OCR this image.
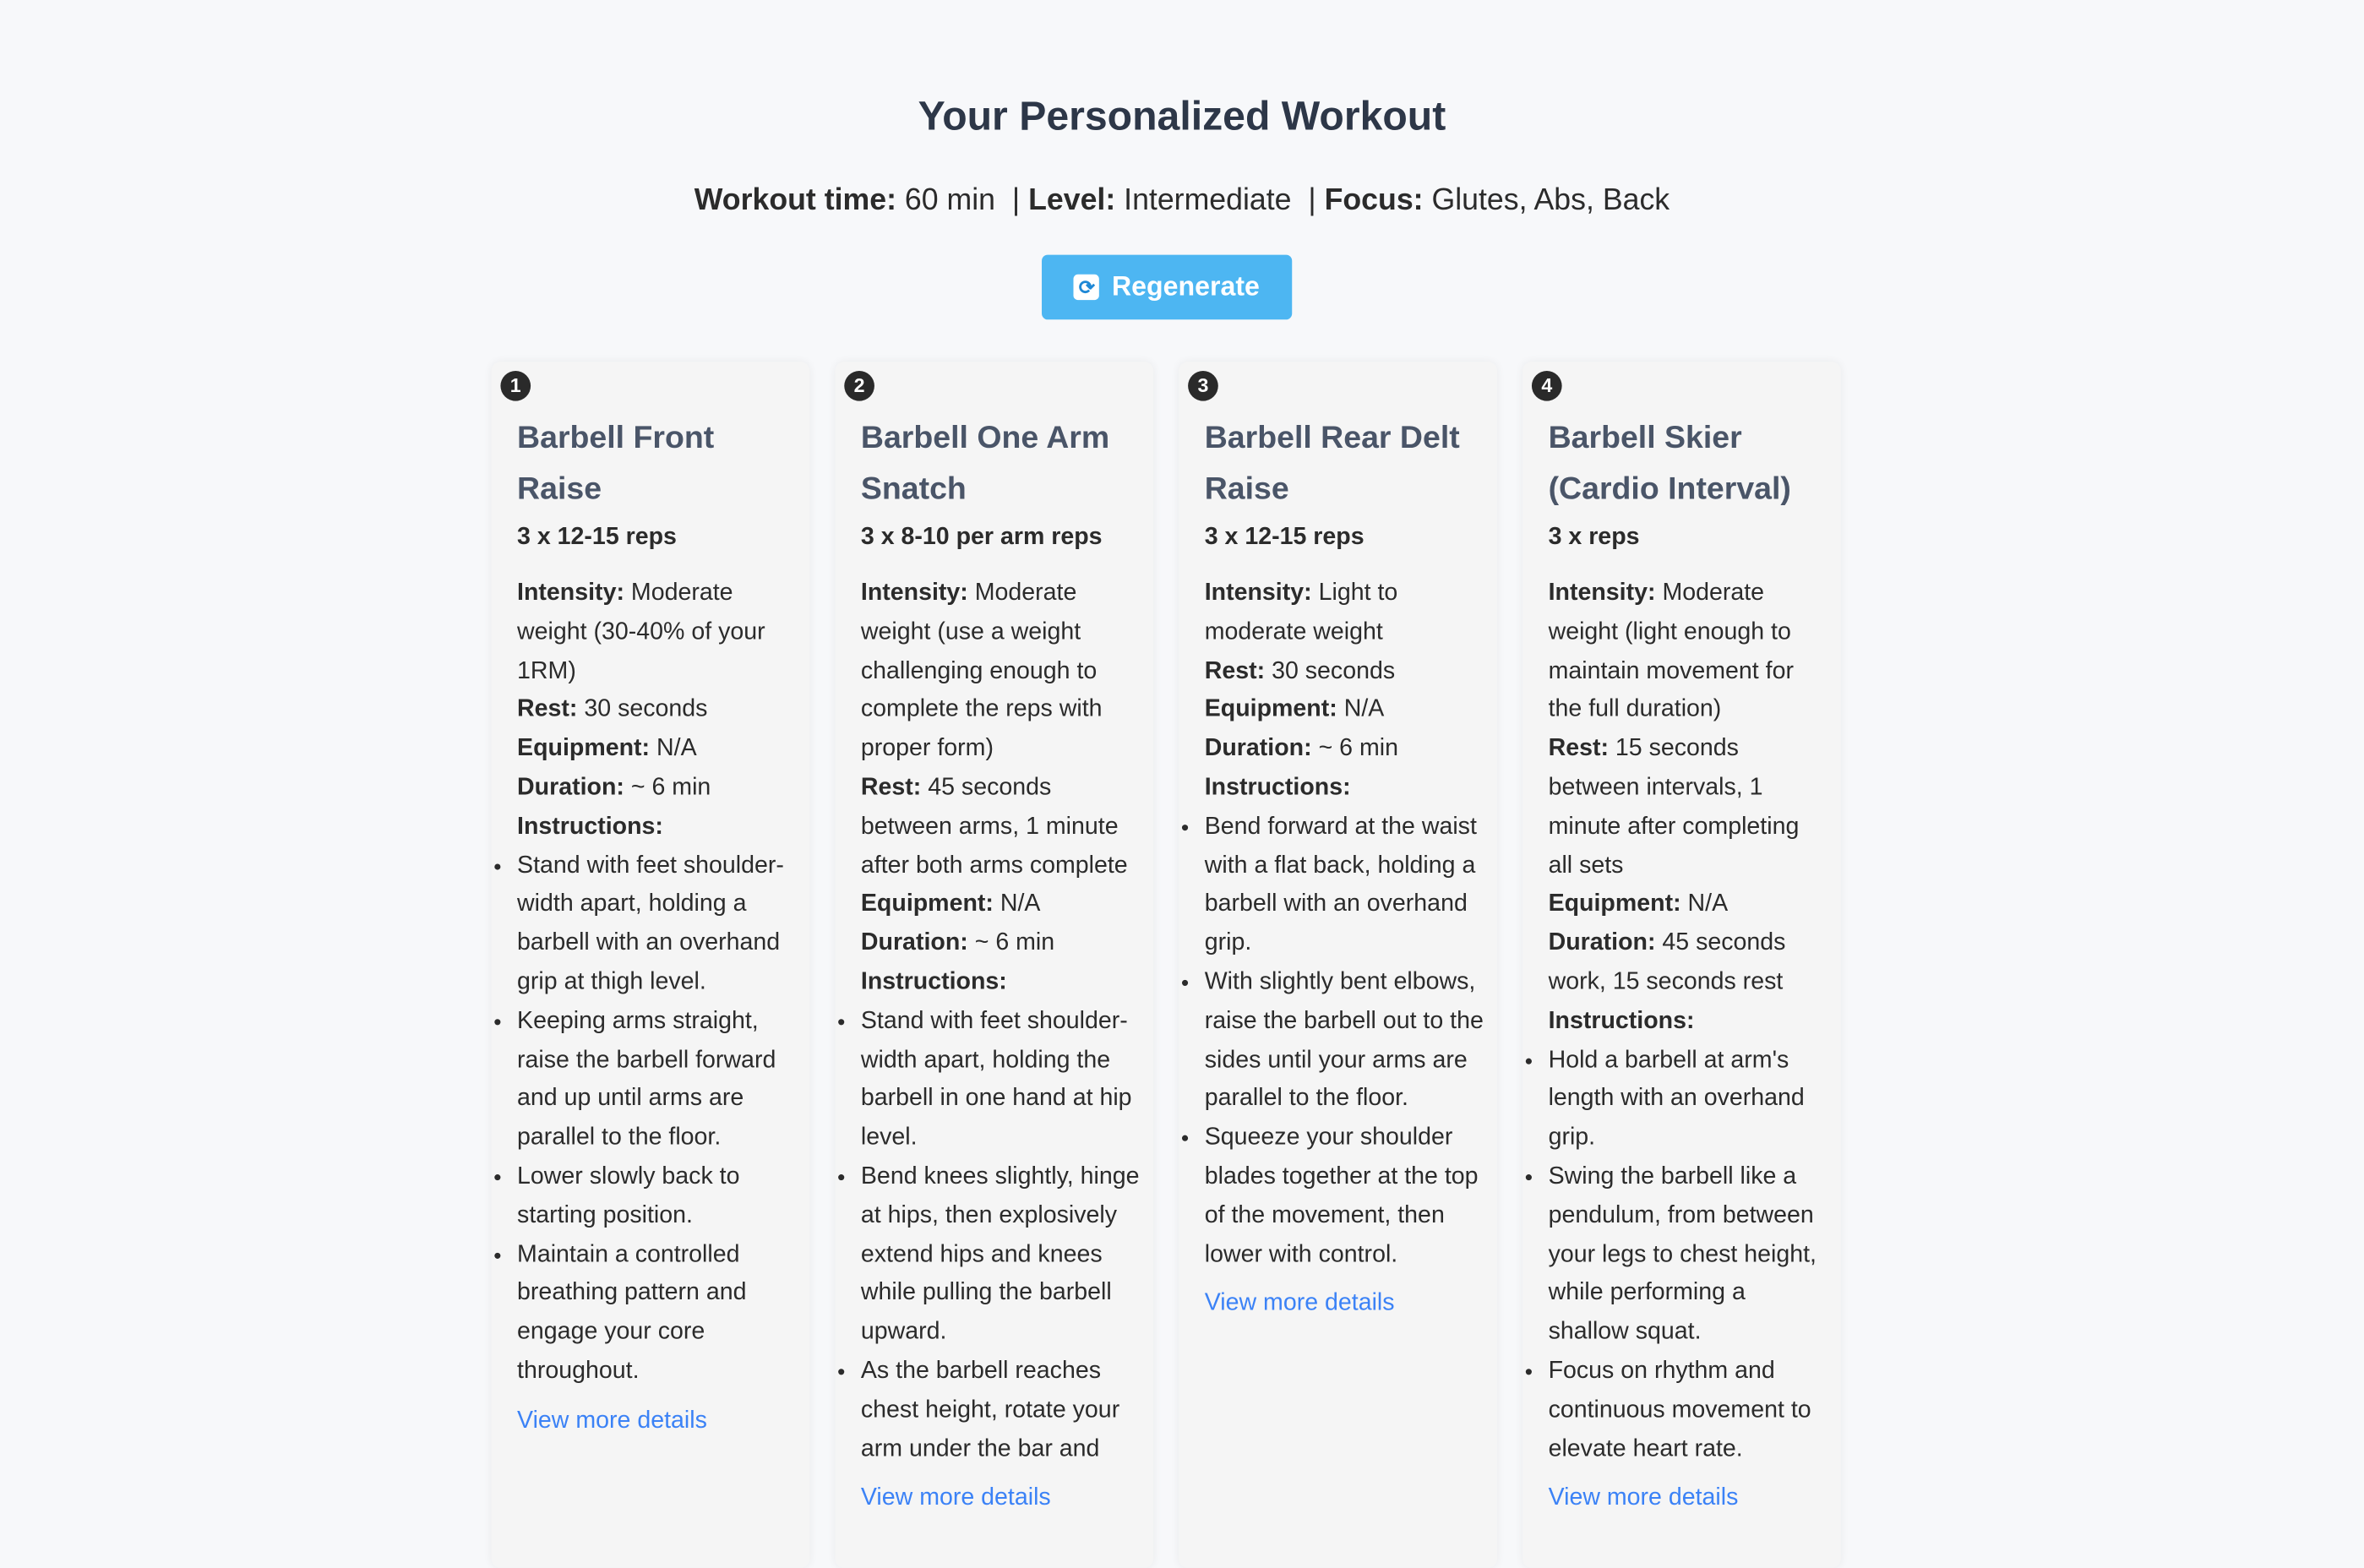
Your Personalized Workout
Workout time: 60 min  | Level: Intermediate  | Focus: Glutes, Abs, Back
⟳	Regenerate
1
Barbell Front Raise
3 x 12-15 reps
Intensity: Moderate weight (30-40% of your 1RM)
Rest: 30 seconds
Equipment: N/A
Duration: ~ 6 min
Instructions:
• Stand with feet shoulder-width apart, holding a barbell with an overhand grip at thigh level.
• Keeping arms straight, raise the barbell forward and up until arms are parallel to the floor.
• Lower slowly back to starting position.
• Maintain a controlled breathing pattern and engage your core throughout.
View more details
2
Barbell One Arm Snatch
3 x 8-10 per arm reps
Intensity: Moderate weight (use a weight challenging enough to complete the reps with proper form)
Rest: 45 seconds between arms, 1 minute after both arms complete
Equipment: N/A
Duration: ~ 6 min
Instructions:
• Stand with feet shoulder-width apart, holding the barbell in one hand at hip level.
• Bend knees slightly, hinge at hips, then explosively extend hips and knees while pulling the barbell upward.
• As the barbell reaches chest height, rotate your arm under the bar and
View more details
3
Barbell Rear Delt Raise
3 x 12-15 reps
Intensity: Light to moderate weight
Rest: 30 seconds
Equipment: N/A
Duration: ~ 6 min
Instructions:
• Bend forward at the waist with a flat back, holding a barbell with an overhand grip.
• With slightly bent elbows, raise the barbell out to the sides until your arms are parallel to the floor.
• Squeeze your shoulder blades together at the top of the movement, then lower with control.
View more details
4
Barbell Skier (Cardio Interval)
3 x reps
Intensity: Moderate weight (light enough to maintain movement for the full duration)
Rest: 15 seconds between intervals, 1 minute after completing all sets
Equipment: N/A
Duration: 45 seconds work, 15 seconds rest
Instructions:
• Hold a barbell at arm's length with an overhand grip.
• Swing the barbell like a pendulum, from between your legs to chest height, while performing a shallow squat.
• Focus on rhythm and continuous movement to elevate heart rate.
View more details
